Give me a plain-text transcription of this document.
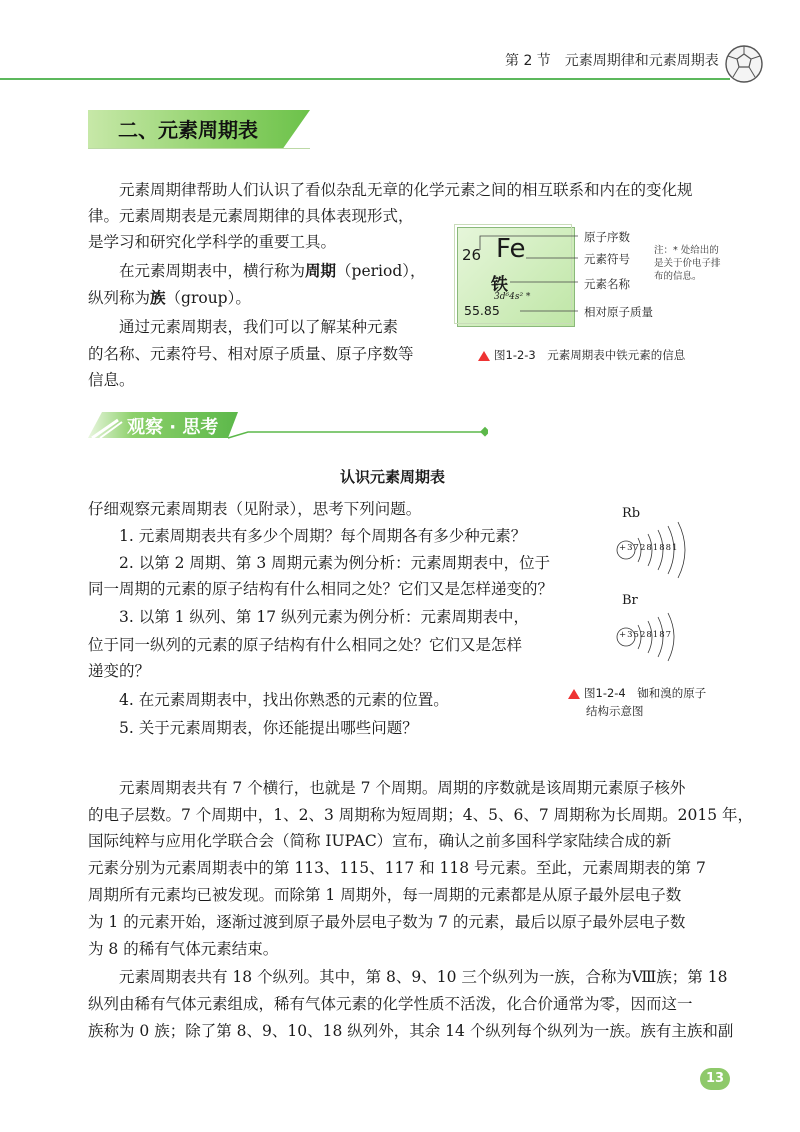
第 2 节　元素周期律和元素周期表
二、元素周期表

元素周期律帮助人们认识了看似杂乱无章的化学元素之间的相互联系和内在的变化规

律。元素周期表是元素周期律的具体表现形式，

是学习和研究化学科学的重要工具。

在元素周期表中，横行称为周期（period），

纵列称为族（group）。

通过元素周期表，我们可以了解某种元素

的名称、元素符号、相对原子质量、原子序数等

信息。

26 Fe
铁
3d⁶4s² *
55.85
原子序数
元素符号
元素名称
相对原子质量
注：* 处给出的
是关于价电子排
布的信息。
图1-2-3　元素周期表中铁元素的信息
观察 · 思考
认识元素周期表

仔细观察元素周期表（见附录），思考下列问题。

1. 元素周期表共有多少个周期？每个周期各有多少种元素？

2. 以第 2 周期、第 3 周期元素为例分析：元素周期表中，位于

同一周期的元素的原子结构有什么相同之处？它们又是怎样递变的？

3. 以第 1 纵列、第 17 纵列元素为例分析：元素周期表中，

位于同一纵列的元素的原子结构有什么相同之处？它们又是怎样

递变的？

4. 在元素周期表中，找出你熟悉的元素的位置。

5. 关于元素周期表，你还能提出哪些问题？

Rb
+37281881
Br
+3528187
图1-2-4　铷和溴的原子
结构示意图

元素周期表共有 7 个横行，也就是 7 个周期。周期的序数就是该周期元素原子核外

的电子层数。7 个周期中，1、2、3 周期称为短周期；4、5、6、7 周期称为长周期。2015 年，

国际纯粹与应用化学联合会（简称 IUPAC）宣布，确认之前多国科学家陆续合成的新

元素分别为元素周期表中的第 113、115、117 和 118 号元素。至此，元素周期表的第 7

周期所有元素均已被发现。而除第 1 周期外，每一周期的元素都是从原子最外层电子数

为 1 的元素开始，逐渐过渡到原子最外层电子数为 7 的元素，最后以原子最外层电子数

为 8 的稀有气体元素结束。

元素周期表共有 18 个纵列。其中，第 8、9、10 三个纵列为一族，合称为Ⅷ族；第 18

纵列由稀有气体元素组成，稀有气体元素的化学性质不活泼，化合价通常为零，因而这一

族称为 0 族；除了第 8、9、10、18 纵列外，其余 14 个纵列每个纵列为一族。族有主族和副

13
